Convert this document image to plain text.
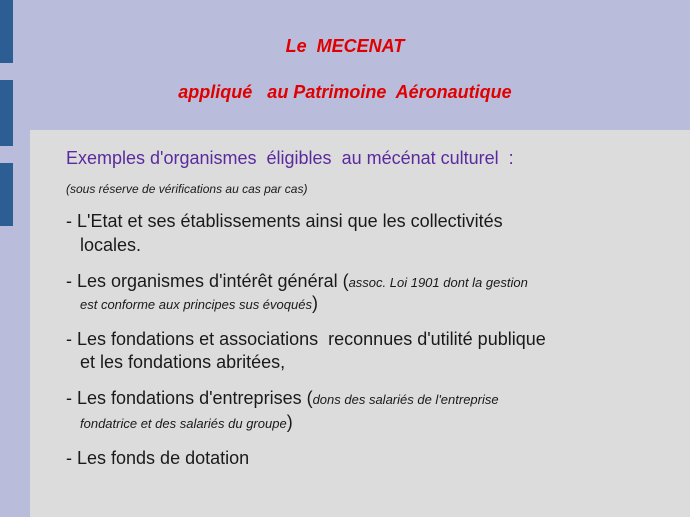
Le  MECENAT
appliqué   au Patrimoine  Aéronautique
Exemples d'organismes  éligibles  au mécénat culturel  :
(sous réserve de vérifications au cas par cas)
- L'Etat et ses établissements ainsi que les collectivités
locales.
- Les organismes d'intérêt général (assoc. Loi 1901 dont la gestion
est conforme aux principes sus évoqués)
- Les fondations et associations  reconnues d'utilité publique
et les fondations abritées,
- Les fondations d'entreprises (dons des salariés de l'entreprise
fondatrice et des salariés du groupe)
- Les fonds de dotation
